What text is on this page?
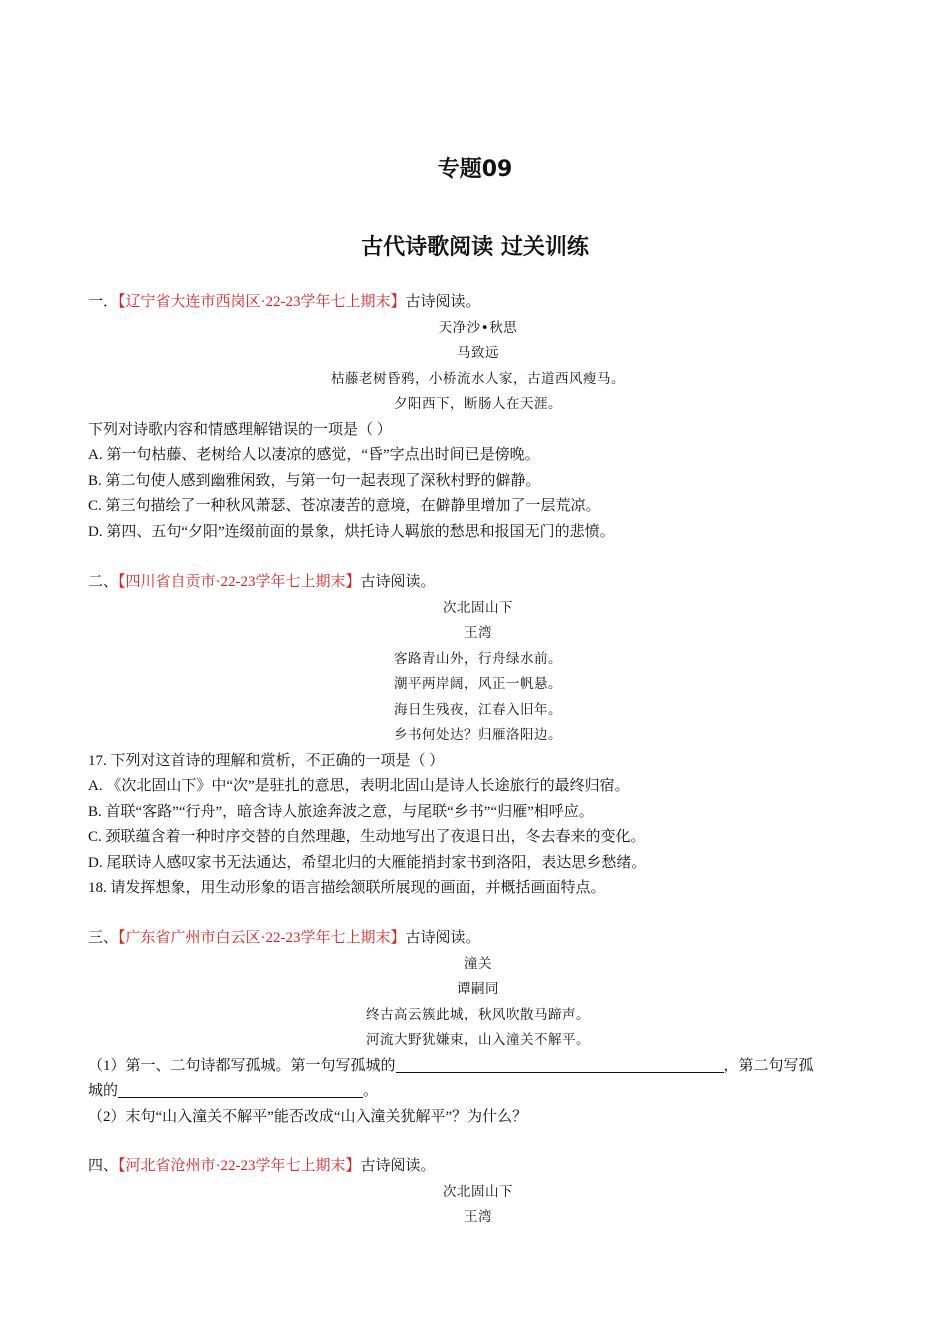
专题09
古代诗歌阅读 过关训练
一．【辽宁省大连市西岗区·22-23学年七上期末】古诗阅读。
天净沙•秋思
马致远
枯藤老树昏鸦，小桥流水人家，古道西风瘦马。
夕阳西下，断肠人在天涯。
下列对诗歌内容和情感理解错误的一项是（ ）
A. 第一句枯藤、老树给人以凄凉的感觉，“昏”字点出时间已是傍晚。
B. 第二句使人感到幽雅闲致，与第一句一起表现了深秋村野的僻静。
C. 第三句描绘了一种秋风萧瑟、苍凉凄苦的意境，在僻静里增加了一层荒凉。
D. 第四、五句“夕阳”连缀前面的景象，烘托诗人羁旅的愁思和报国无门的悲愤。
二、【四川省自贡市·22-23学年七上期末】古诗阅读。
次北固山下
王湾
客路青山外，行舟绿水前。
潮平两岸阔，风正一帆悬。
海日生残夜，江春入旧年。
乡书何处达？归雁洛阳边。
17. 下列对这首诗的理解和赏析，不正确的一项是（ ）
A. 《次北固山下》中“次”是驻扎的意思，表明北固山是诗人长途旅行的最终归宿。
B. 首联“客路”“行舟”，暗含诗人旅途奔波之意，与尾联“乡书”“归雁”相呼应。
C. 颈联蕴含着一种时序交替的自然理趣，生动地写出了夜退日出，冬去春来的变化。
D. 尾联诗人感叹家书无法通达，希望北归的大雁能捎封家书到洛阳，表达思乡愁绪。
18. 请发挥想象，用生动形象的语言描绘颔联所展现的画面，并概括画面特点。
三、【广东省广州市白云区·22-23学年七上期末】古诗阅读。
潼关
谭嗣同
终古高云簇此城，秋风吹散马蹄声。
河流大野犹嫌束，山入潼关不解平。
（1）第一、二句诗都写孤城。第一句写孤城的	，第二句写孤
城的	。
（2）末句“山入潼关不解平”能否改成“山入潼关犹解平”？为什么？
四、【河北省沧州市·22-23学年七上期末】古诗阅读。
次北固山下
王湾
